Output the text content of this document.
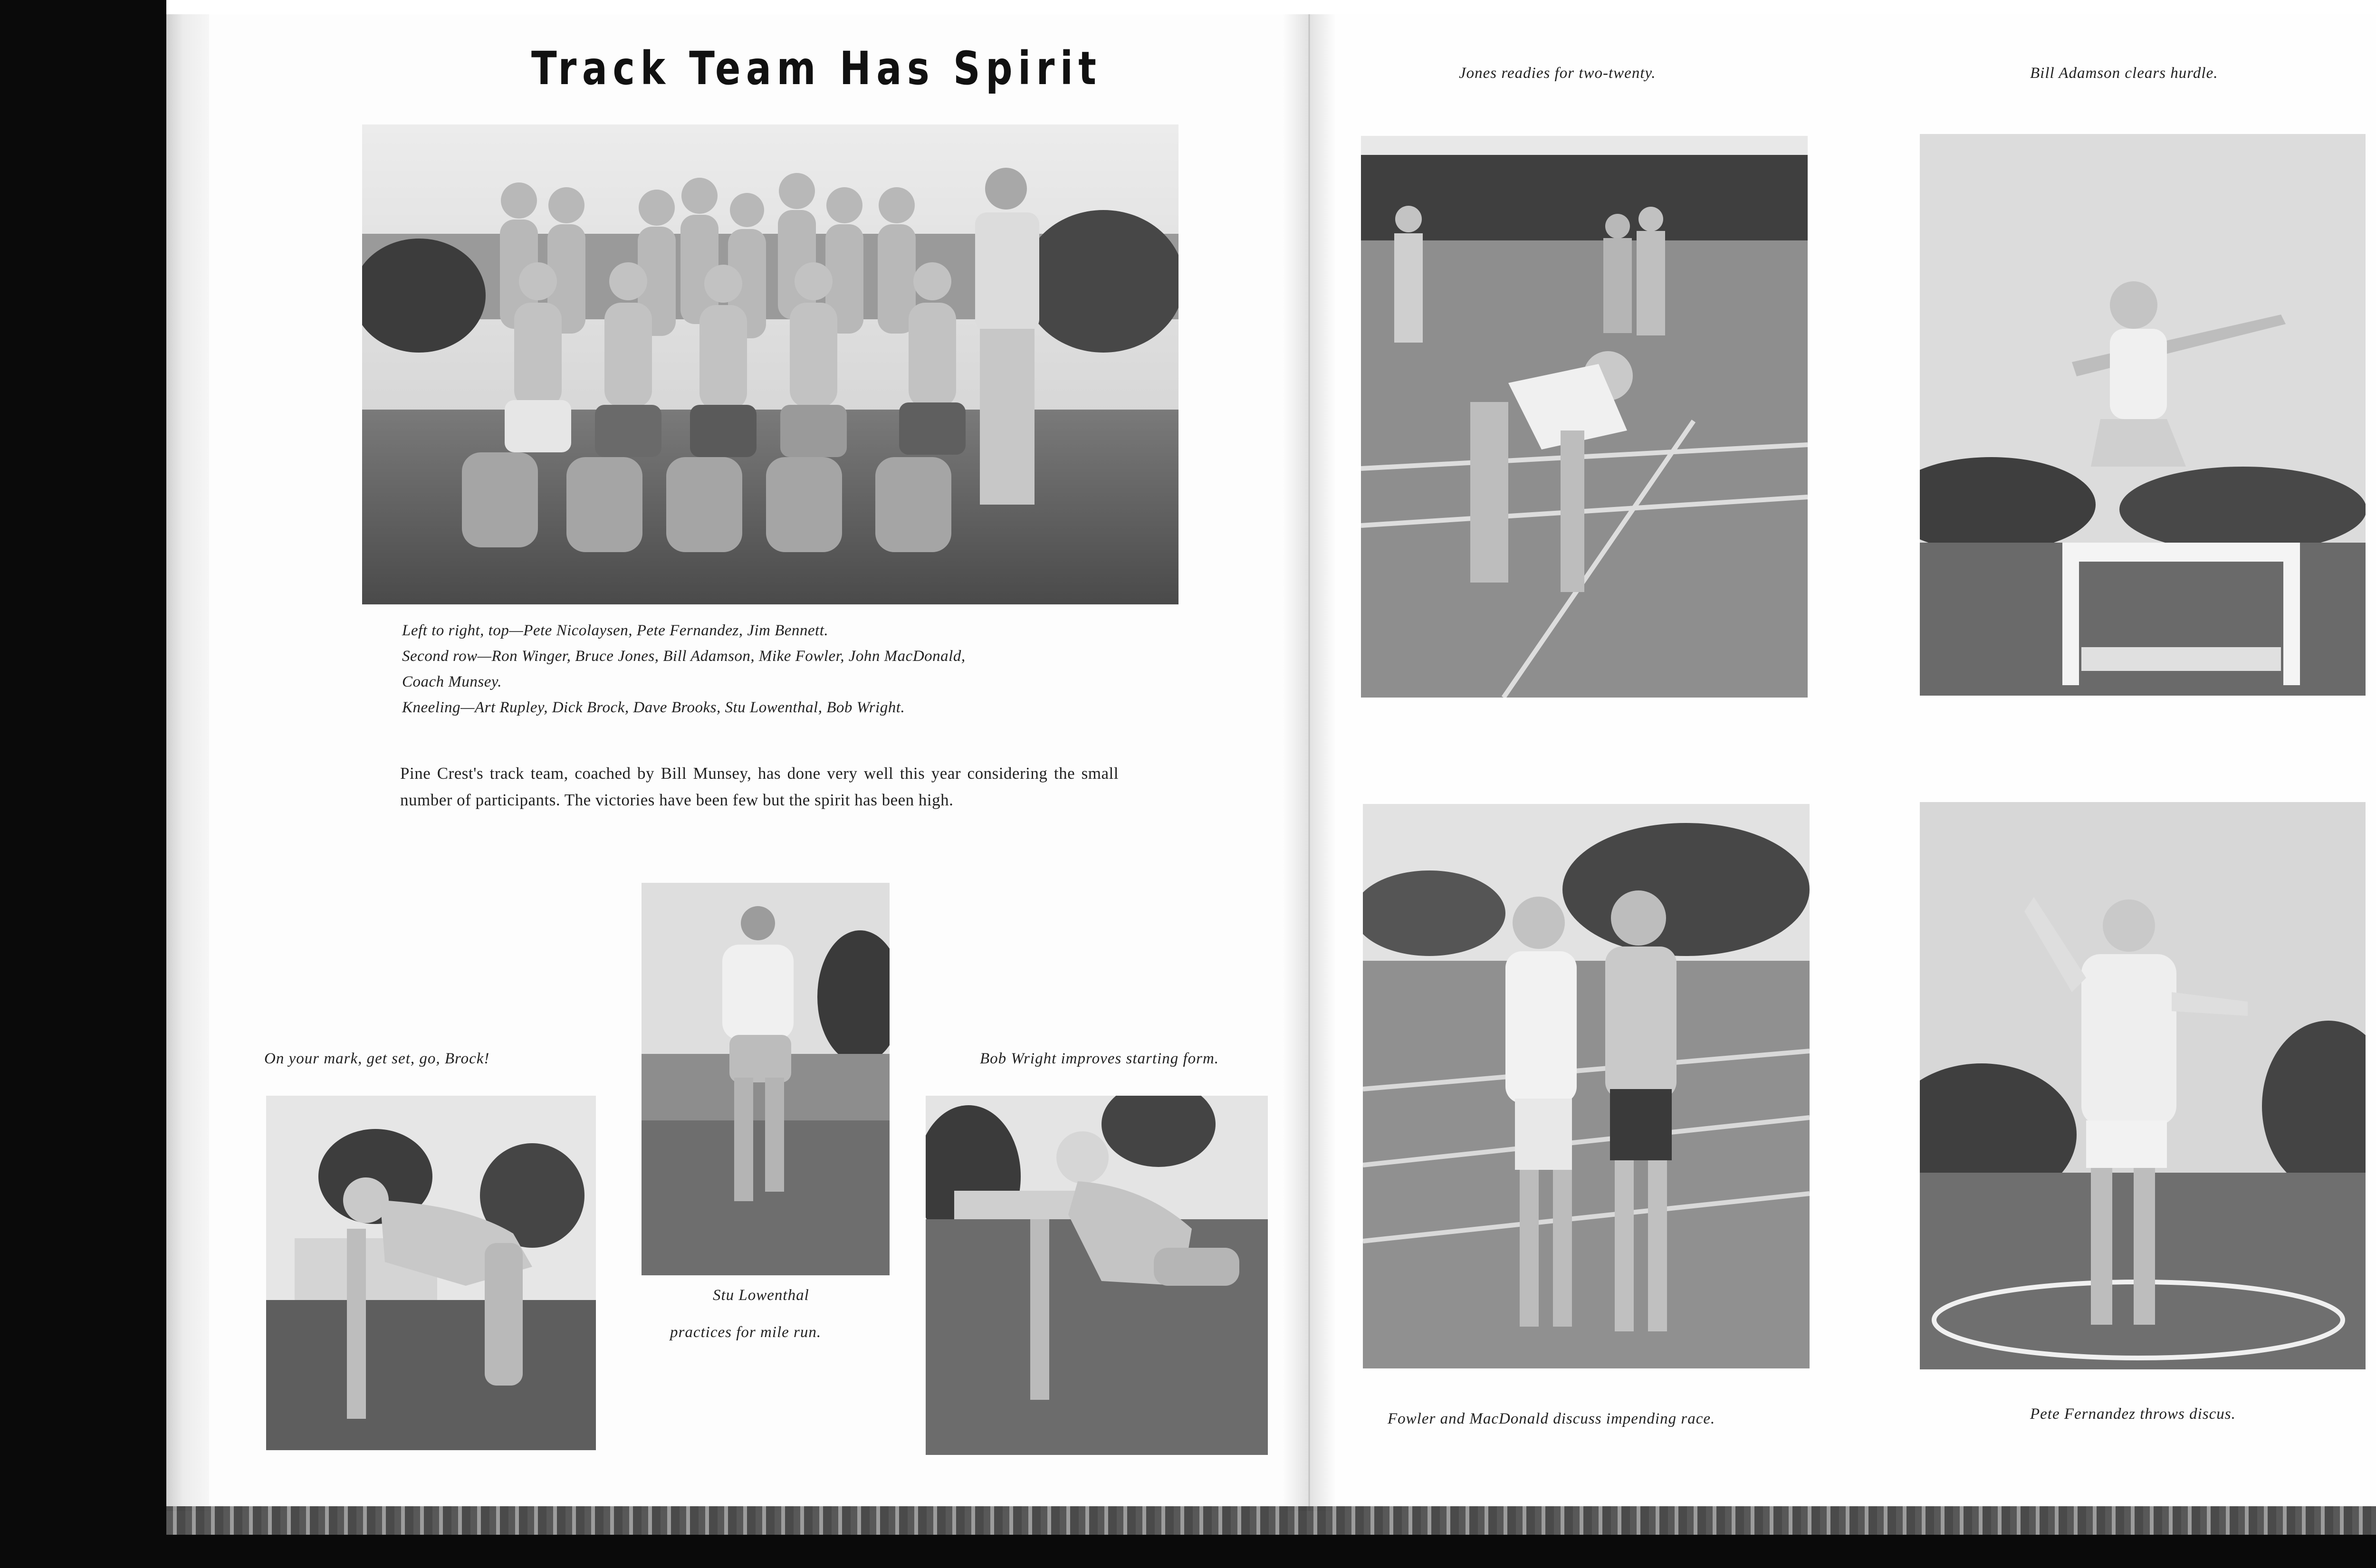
Track Team Has Spirit
Left to right, top—Pete Nicolaysen, Pete Fernandez, Jim Bennett.
Second row—Ron Winger, Bruce Jones, Bill Adamson, Mike Fowler, John MacDonald,
Coach Munsey.
Kneeling—Art Rupley, Dick Brock, Dave Brooks, Stu Lowenthal, Bob Wright.
Pine Crest's track team, coached by Bill Munsey, has done very well this year considering the small number of participants. The victories have been few but the spirit has been high.
Stu Lowenthal
practices for mile run.
On your mark, get set, go, Brock!	Bob Wright improves starting form.
Jones readies for two-twenty.	Bill Adamson clears hurdle.
Fowler and MacDonald discuss impending race.	Pete Fernandez throws discus.
